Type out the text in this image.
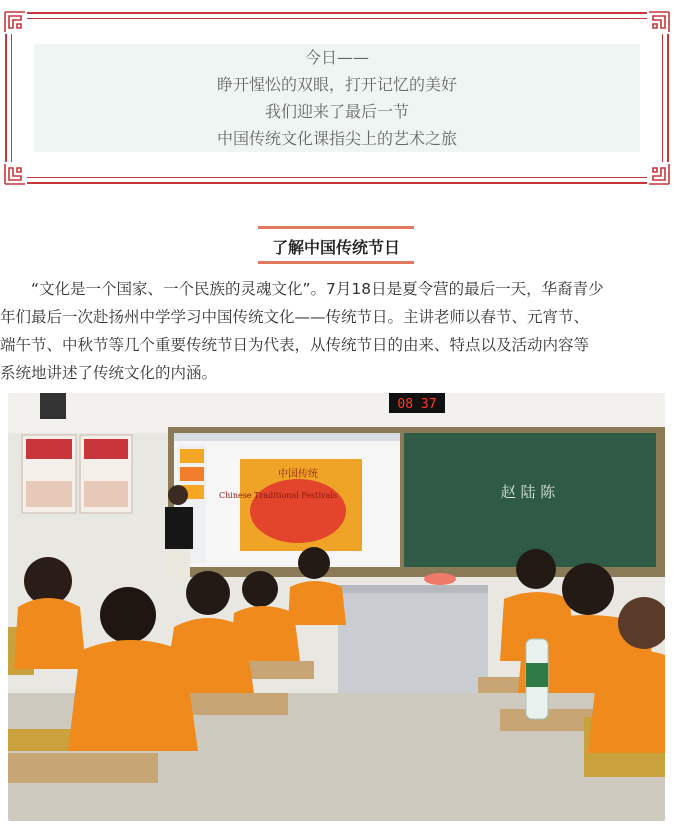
今日——
睁开惺忪的双眼，打开记忆的美好
我们迎来了最后一节
中国传统文化课指尖上的艺术之旅
了解中国传统节日
“文化是一个国家、一个民族的灵魂文化”。7月18日是夏令营的最后一天，华裔青少
年们最后一次赴扬州中学学习中国传统文化——传统节日。主讲老师以春节、元宵节、
端午节、中秋节等几个重要传统节日为代表，从传统节日的由来、特点以及活动内容等
系统地讲述了传统文化的内涵。
08 37
中国传统
Chinese Traditional Festivals	赵 陆 陈
